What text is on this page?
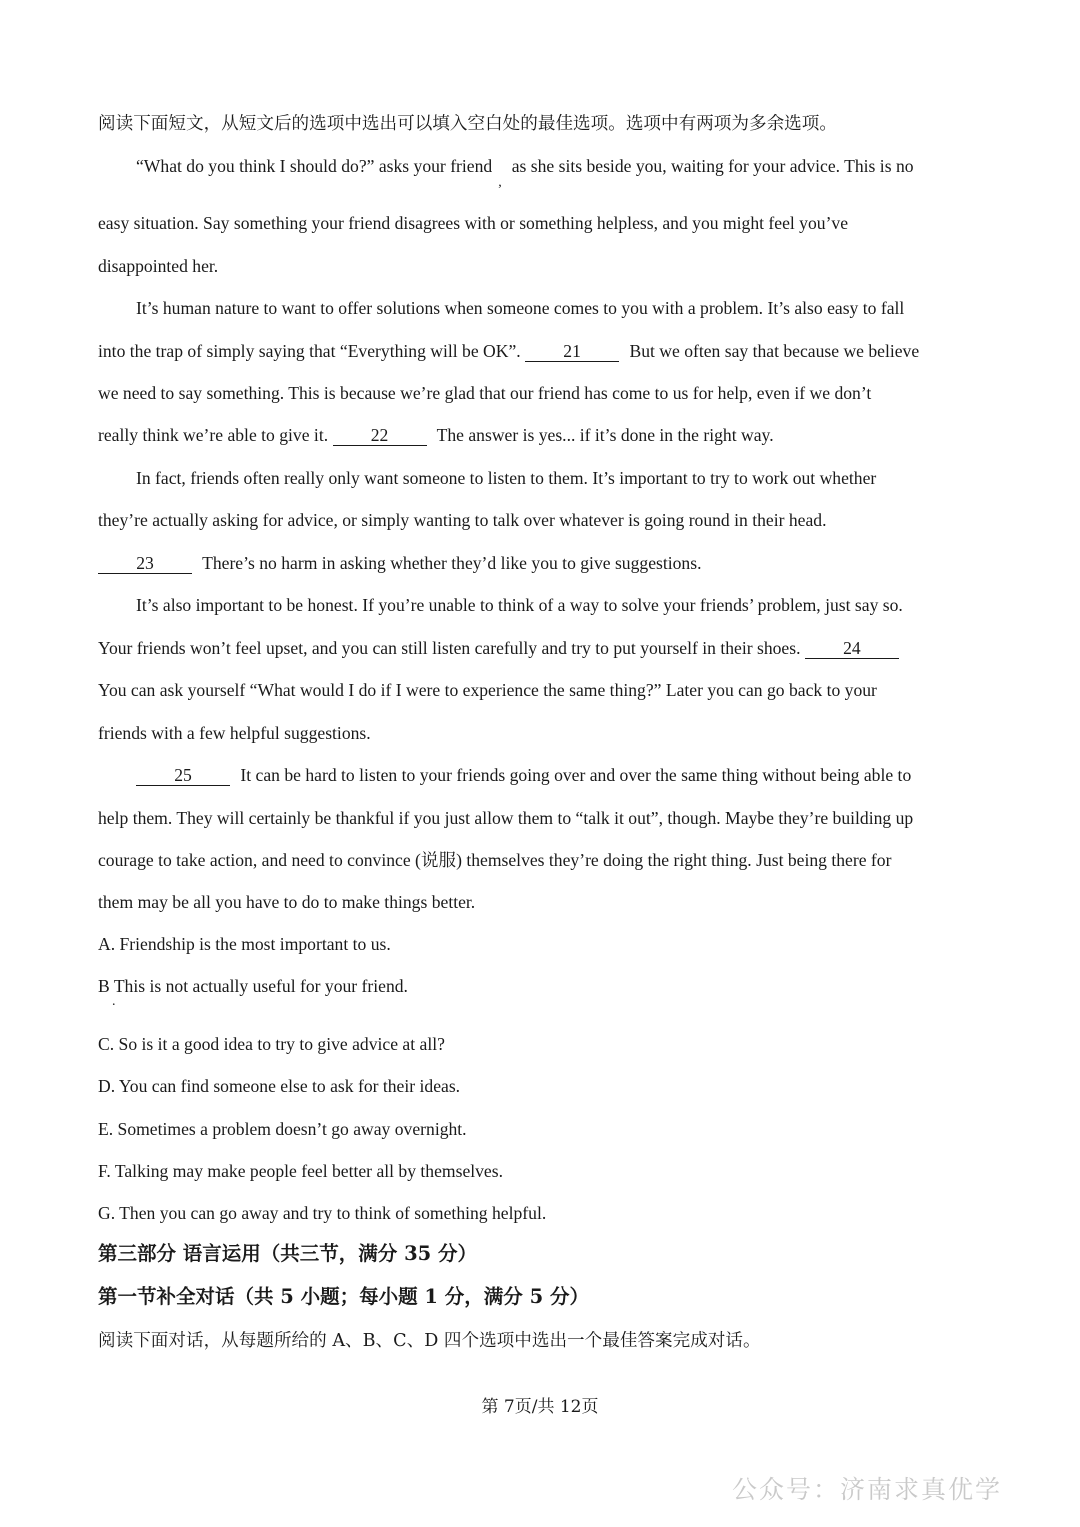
阅读下面短文，从短文后的选项中选出可以填入空白处的最佳选项。选项中有两项为多余选项。
“What do you think I should do?” asks your friend,as she sits beside you, waiting for your advice. This is no
easy situation. Say something your friend disagrees with or something helpless, and you might feel you’ve
disappointed her.
It’s human nature to want to offer solutions when someone comes to you with a problem. It’s also easy to fall
into the trap of simply saying that “Everything will be OK”. 21	But we often say that because we believe
we need to say something. This is because we’re glad that our friend has come to us for help, even if we don’t
really think we’re able to give it. 22	The answer is yes... if it’s done in the right way.
In fact, friends often really only want someone to listen to them. It’s important to try to work out whether
they’re actually asking for advice, or simply wanting to talk over whatever is going round in their head.
23	There’s no harm in asking whether they’d like you to give suggestions.
It’s also important to be honest. If you’re unable to think of a way to solve your friends’ problem, just say so.
Your friends won’t feel upset, and you can still listen carefully and try to put yourself in their shoes. 24
You can ask yourself “What would I do if I were to experience the same thing?” Later you can go back to your
friends with a few helpful suggestions.
25	It can be hard to listen to your friends going over and over the same thing without being able to
help them. They will certainly be thankful if you just allow them to “talk it out”, though. Maybe they’re building up
courage to take action, and need to convince (说服) themselves they’re doing the right thing. Just being there for
them may be all you have to do to make things better.
A. Friendship is the most important to us.
B This is not actually useful for your friend.
.
C. So is it a good idea to try to give advice at all?
D. You can find someone else to ask for their ideas.
E. Sometimes a problem doesn’t go away overnight.
F. Talking may make people feel better all by themselves.
G. Then you can go away and try to think of something helpful.
第三部分 语言运用（共三节，满分 35 分）
第一节补全对话（共 5 小题；每小题 1 分，满分 5 分）
阅读下面对话，从每题所给的 A、B、C、D 四个选项中选出一个最佳答案完成对话。
第 7页/共 12页
公众号：济南求真优学
